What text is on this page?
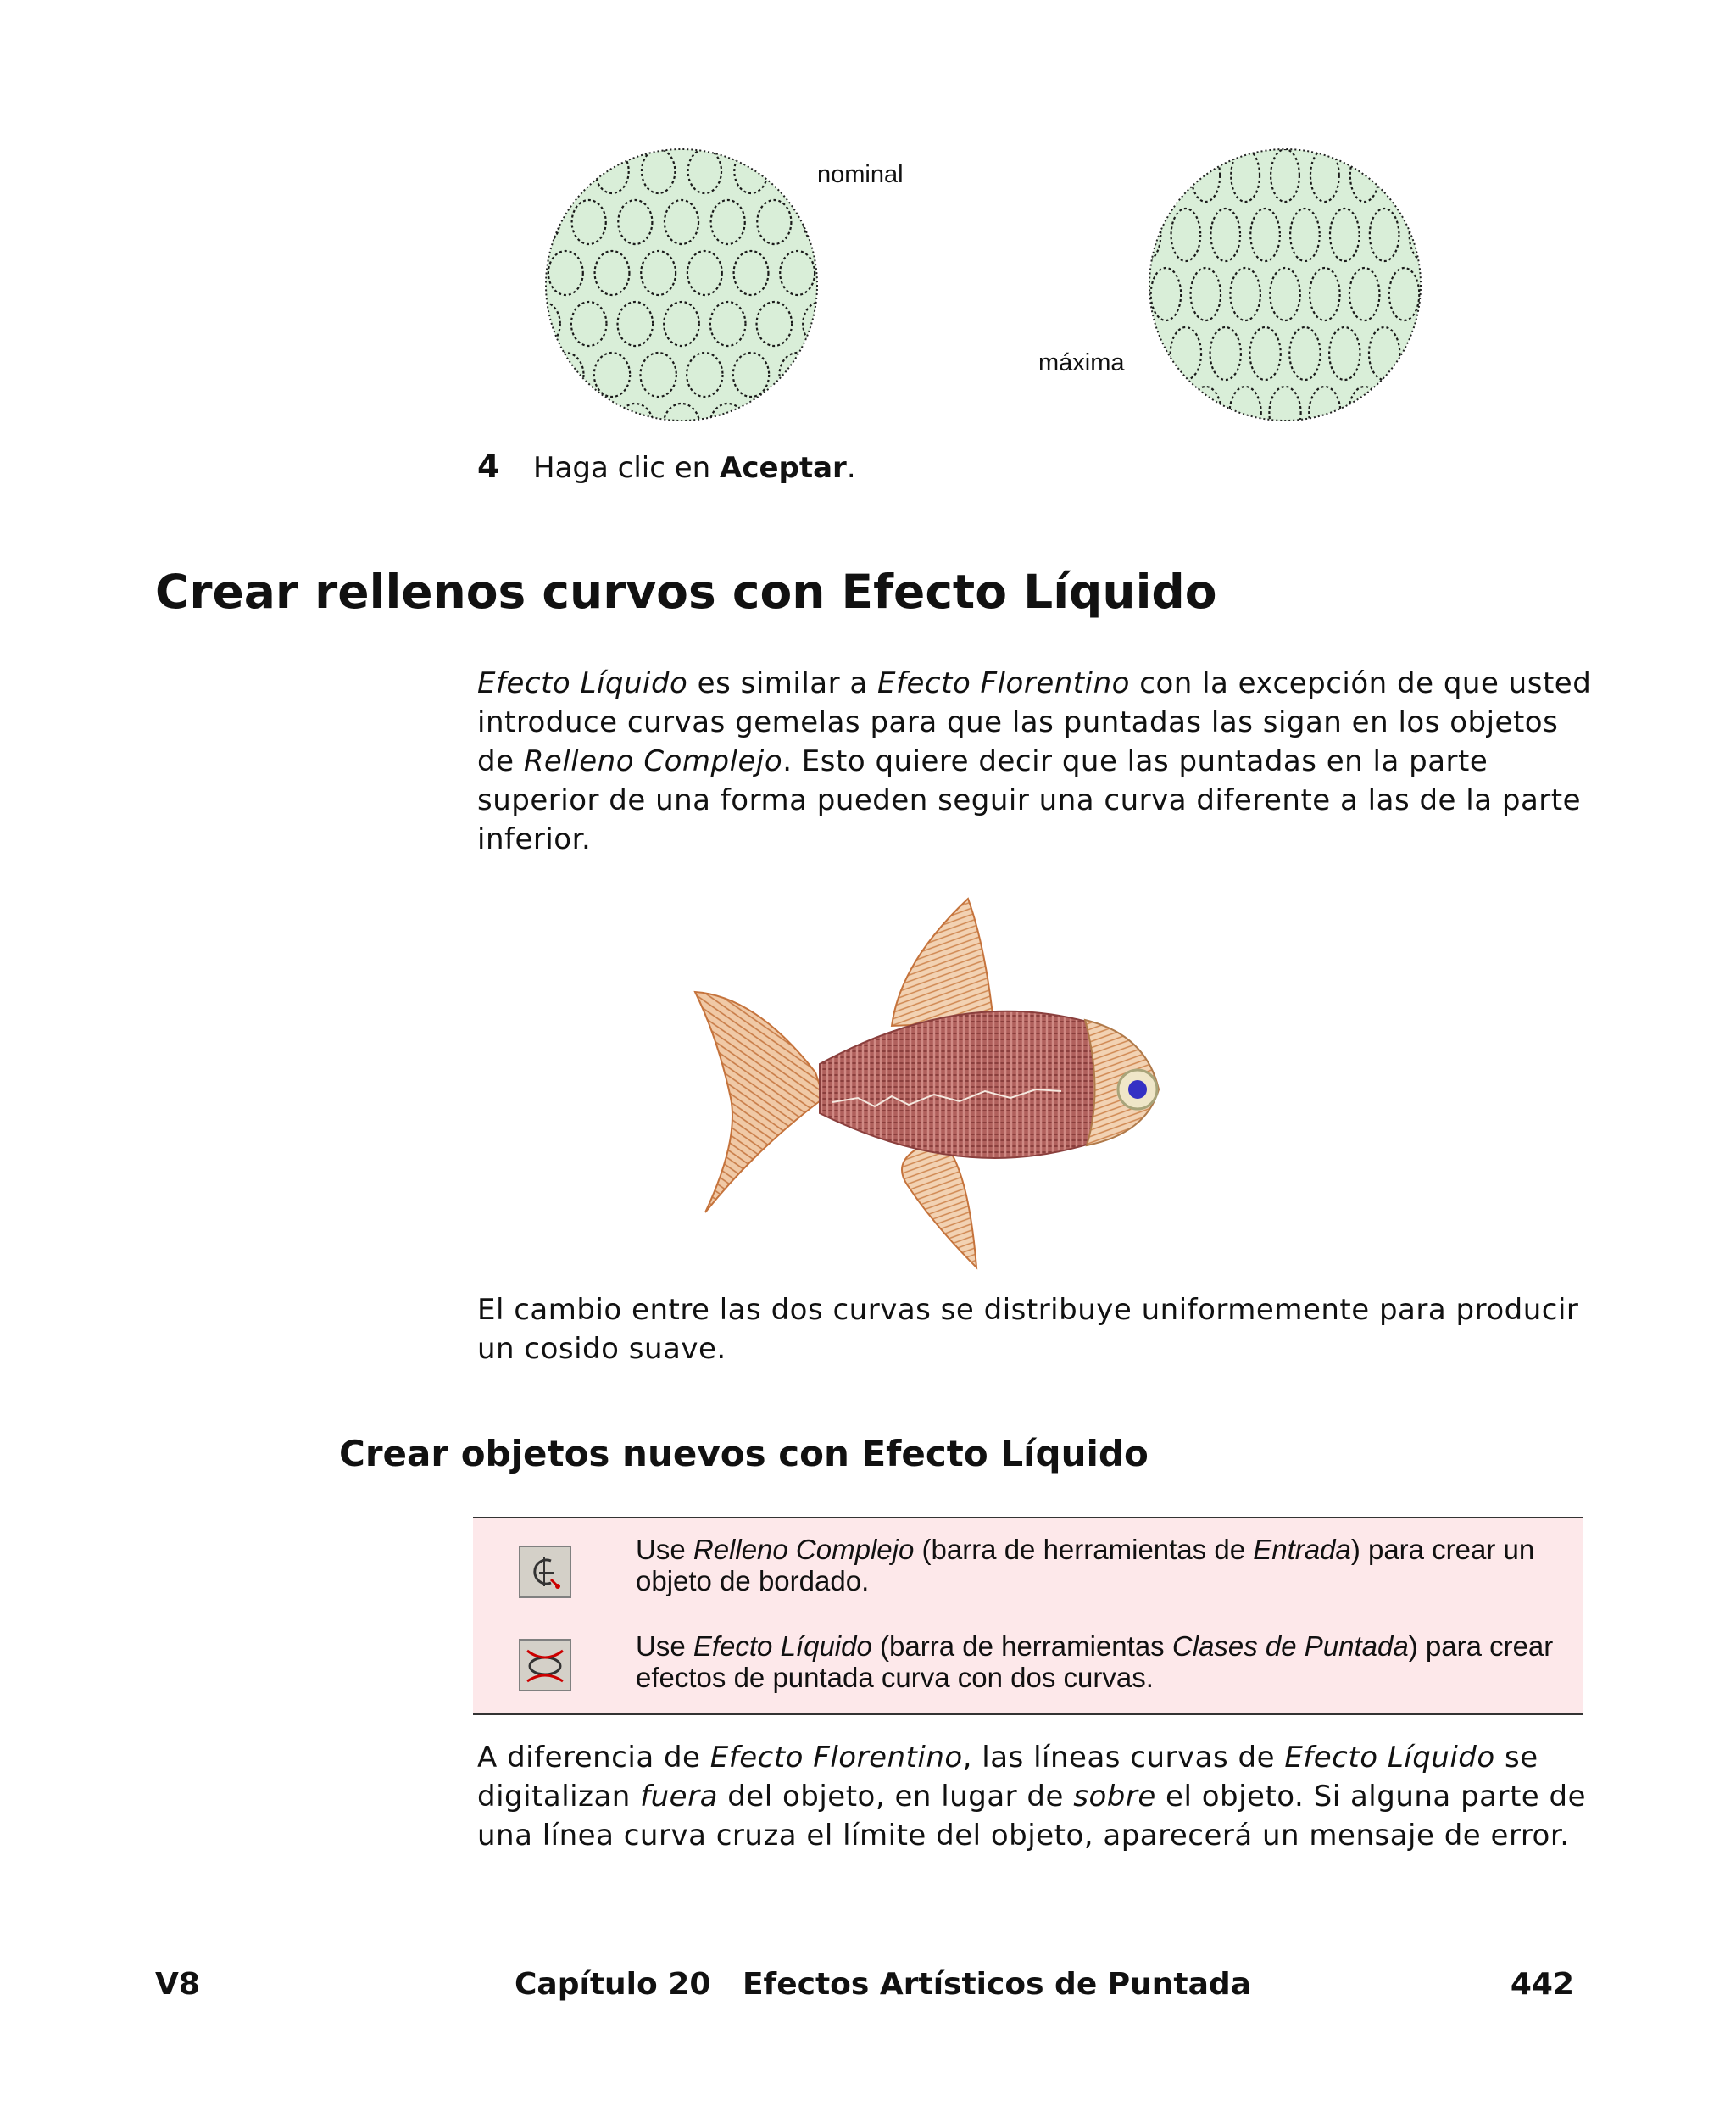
nominal
máxima
4 Haga clic en Aceptar.
Crear rellenos curvos con Efecto Líquido

Efecto Líquido es similar a Efecto Florentino con la excepción de que usted introduce curvas gemelas para que las puntadas las sigan en los objetos de Relleno Complejo. Esto quiere decir que las puntadas en la parte superior de una forma pueden seguir una curva diferente a las de la parte inferior.

El cambio entre las dos curvas se distribuye uniformemente para producir un cosido suave.

Crear objetos nuevos con Efecto Líquido
Use Relleno Complejo (barra de herramientas de Entrada) para crear un objeto de bordado.
Use Efecto Líquido (barra de herramientas Clases de Puntada) para crear efectos de puntada curva con dos curvas.

A diferencia de Efecto Florentino, las líneas curvas de Efecto Líquido se digitalizan fuera del objeto, en lugar de sobre el objeto. Si alguna parte de una línea curva cruza el límite del objeto, aparecerá un mensaje de error.

V8	Capítulo 20   Efectos Artísticos de Puntada	442
